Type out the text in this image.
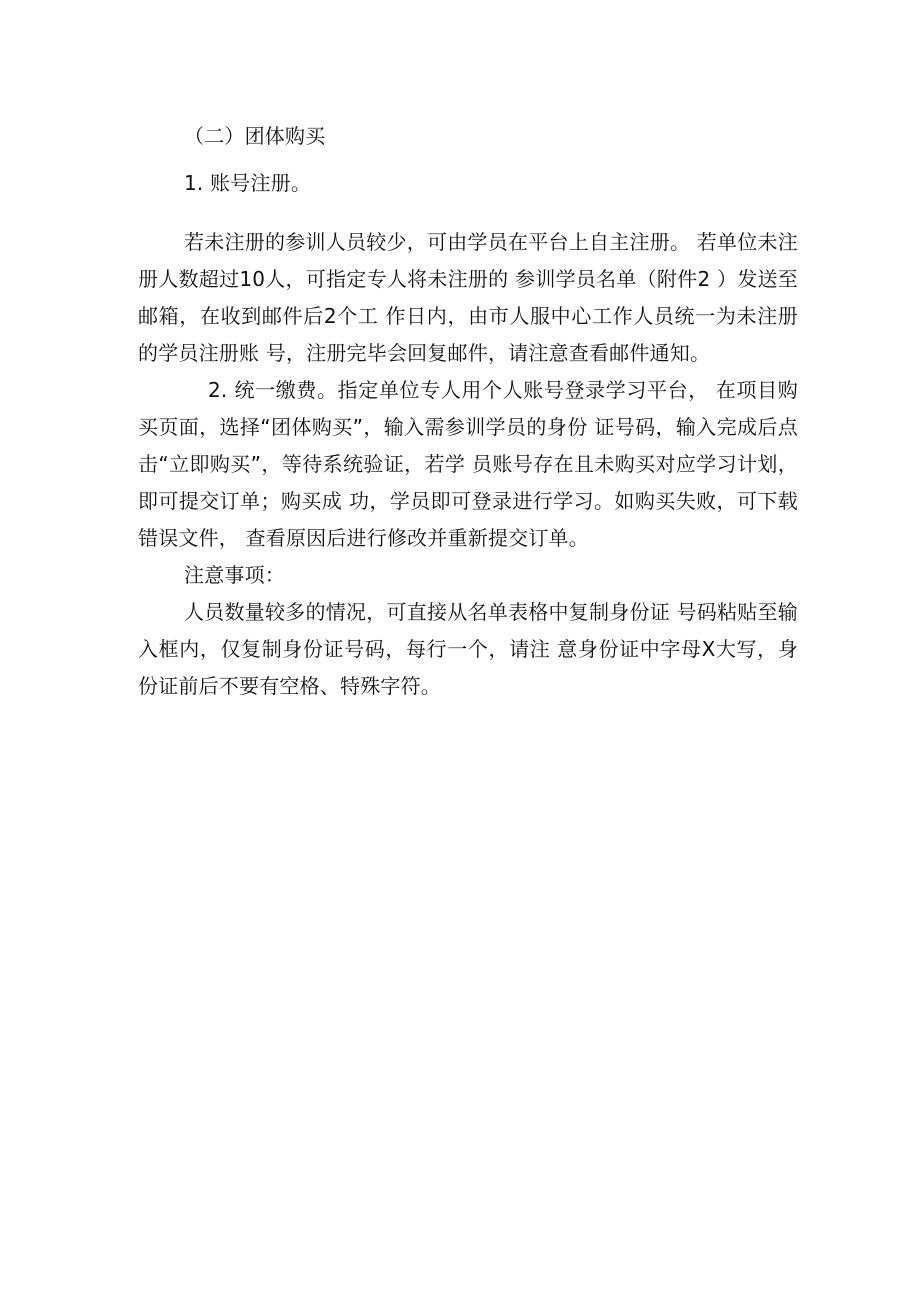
（二）团体购买

1. 账号注册。

若未注册的参训人员较少，可由学员在平台上自主注册。 若单位未注册人数超过10人，可指定专人将未注册的 参训学员名单（附件2 ）发送至邮箱，在收到邮件后2个工 作日内，由市人服中心工作人员统一为未注册的学员注册账 号，注册完毕会回复邮件，请注意查看邮件通知。

2. 统一缴费。指定单位专人用个人账号登录学习平台， 在项目购买页面，选择“团体购买”，输入需参训学员的身份 证号码，输入完成后点击“立即购买”，等待系统验证，若学 员账号存在且未购买对应学习计划，即可提交订单；购买成 功，学员即可登录进行学习。如购买失败，可下载错误文件， 查看原因后进行修改并重新提交订单。

注意事项：

人员数量较多的情况，可直接从名单表格中复制身份证 号码粘贴至输入框内，仅复制身份证号码，每行一个，请注 意身份证中字母X大写，身份证前后不要有空格、特殊字符。
